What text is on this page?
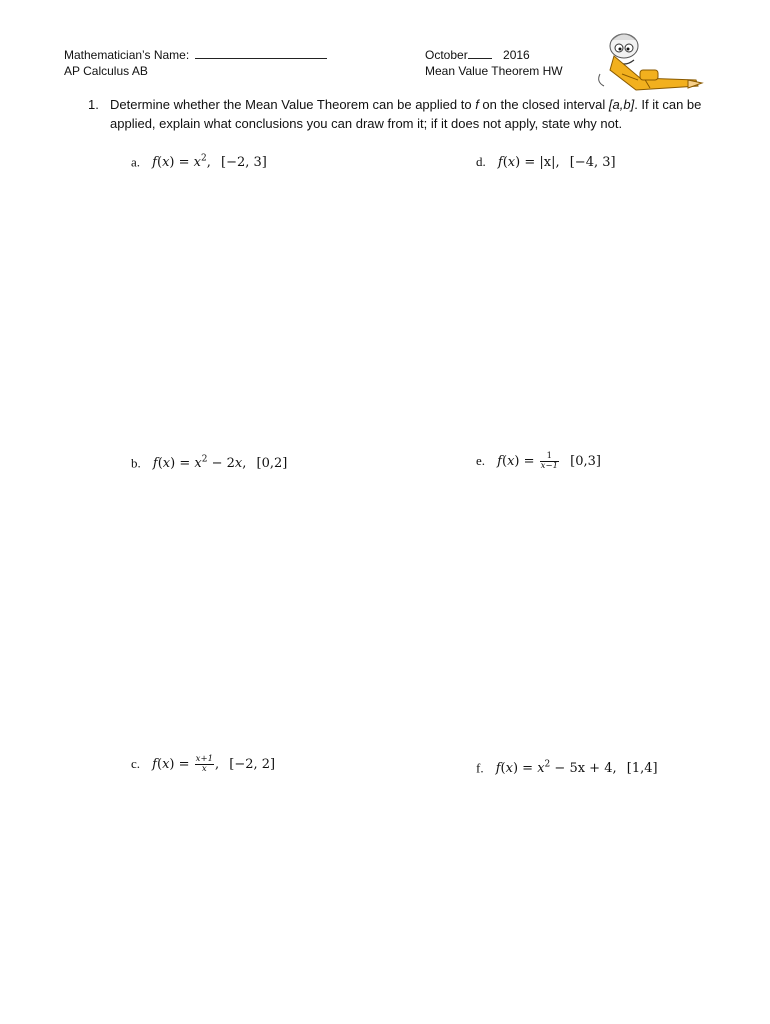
Mathematician’s Name:
AP Calculus AB
October	2016
Mean Value Theorem HW
1. Determine whether the Mean Value Theorem can be applied to f on the closed interval [a,b]. If it can be applied, explain what conclusions you can draw from it; if it does not apply, state why not.
a. $f(x) = x^2$, [−2, 3]	d. f(x) = |x|, [−4, 3]
b. $f(x) = x^2 - 2x$, [0,2]	e. $f(x) = \frac{1}{x-1} [0,3]$
c. $f(x) = \frac{x+1}{x}$ , [−2, 2]	f. $f(x) = x^2 - 5x + 4$, [1,4]
